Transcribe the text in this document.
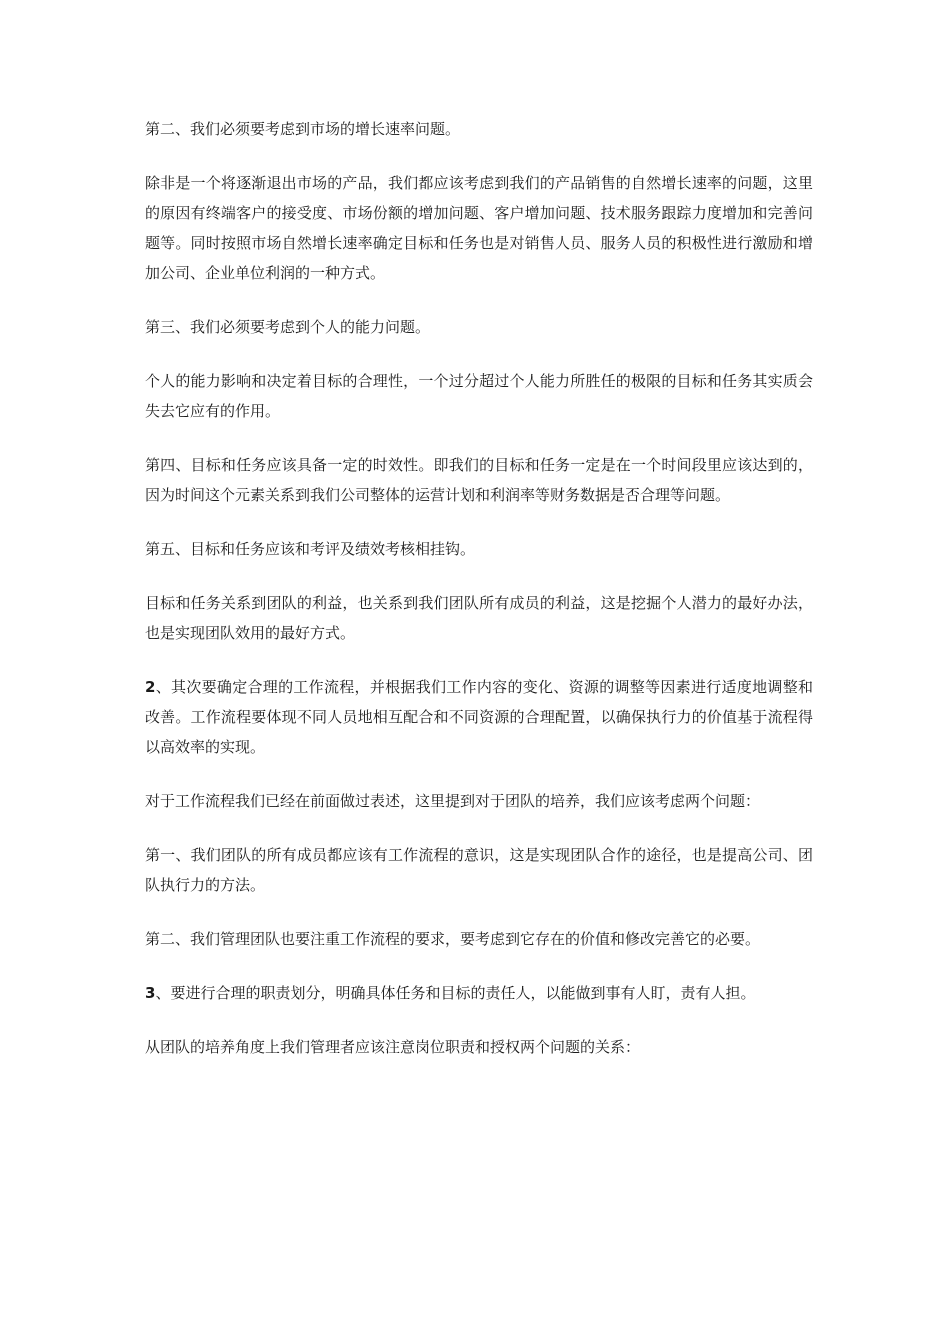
第二、我们必须要考虑到市场的增长速率问题。

除非是一个将逐渐退出市场的产品，我们都应该考虑到我们的产品销售的自然增长速率的问题，这里的原因有终端客户的接受度、市场份额的增加问题、客户增加问题、技术服务跟踪力度增加和完善问题等。同时按照市场自然增长速率确定目标和任务也是对销售人员、服务人员的积极性进行激励和增加公司、企业单位利润的一种方式。

第三、我们必须要考虑到个人的能力问题。

个人的能力影响和决定着目标的合理性，一个过分超过个人能力所胜任的极限的目标和任务其实质会失去它应有的作用。

第四、目标和任务应该具备一定的时效性。即我们的目标和任务一定是在一个时间段里应该达到的，因为时间这个元素关系到我们公司整体的运营计划和利润率等财务数据是否合理等问题。

第五、目标和任务应该和考评及绩效考核相挂钩。

目标和任务关系到团队的利益，也关系到我们团队所有成员的利益，这是挖掘个人潜力的最好办法，也是实现团队效用的最好方式。

2、其次要确定合理的工作流程，并根据我们工作内容的变化、资源的调整等因素进行适度地调整和改善。工作流程要体现不同人员地相互配合和不同资源的合理配置，以确保执行力的价值基于流程得以高效率的实现。

对于工作流程我们已经在前面做过表述，这里提到对于团队的培养，我们应该考虑两个问题：

第一、我们团队的所有成员都应该有工作流程的意识，这是实现团队合作的途径，也是提高公司、团队执行力的方法。

第二、我们管理团队也要注重工作流程的要求，要考虑到它存在的价值和修改完善它的必要。

3、要进行合理的职责划分，明确具体任务和目标的责任人，以能做到事有人盯，责有人担。

从团队的培养角度上我们管理者应该注意岗位职责和授权两个问题的关系：
